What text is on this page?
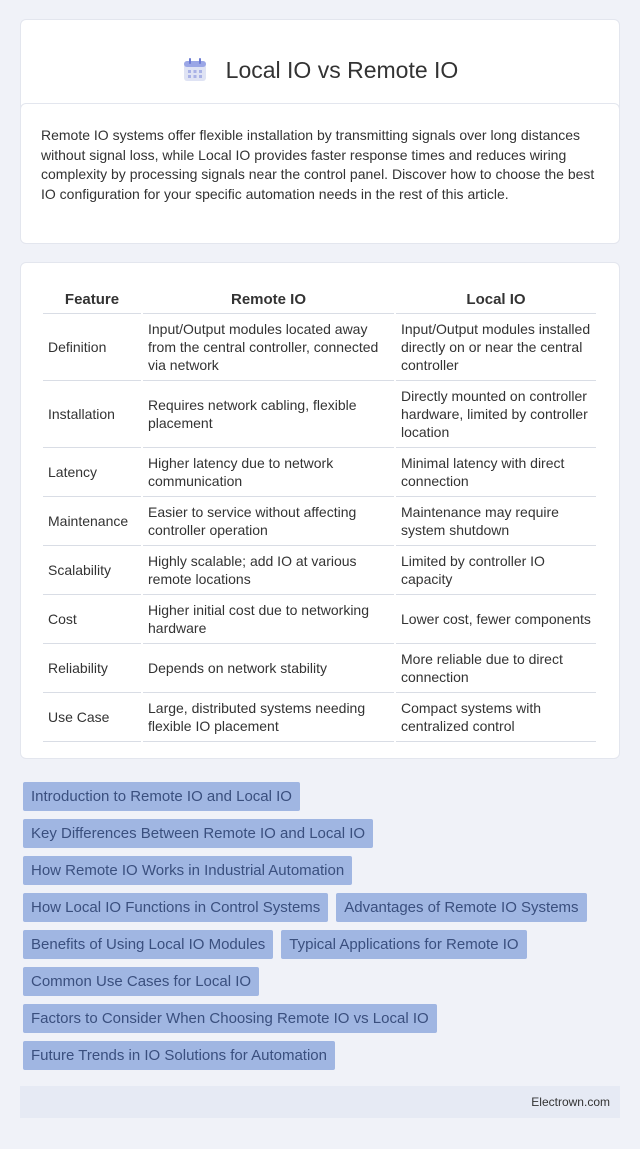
Local IO vs Remote IO

Remote IO systems offer flexible installation by transmitting signals over long distances without signal loss, while Local IO provides faster response times and reduces wiring complexity by processing signals near the control panel. Discover how to choose the best IO configuration for your specific automation needs in the rest of this article.

Feature	Remote IO	Local IO
Definition	Input/Output modules located away from the central controller, connected via network	Input/Output modules installed directly on or near the central controller
Installation	Requires network cabling, flexible placement	Directly mounted on controller hardware, limited by controller location
Latency	Higher latency due to network communication	Minimal latency with direct connection
Maintenance	Easier to service without affecting controller operation	Maintenance may require system shutdown
Scalability	Highly scalable; add IO at various remote locations	Limited by controller IO capacity
Cost	Higher initial cost due to networking hardware	Lower cost, fewer components
Reliability	Depends on network stability	More reliable due to direct connection
Use Case	Large, distributed systems needing flexible IO placement	Compact systems with centralized control
Introduction to Remote IO and Local IO
Key Differences Between Remote IO and Local IO
How Remote IO Works in Industrial Automation
How Local IO Functions in Control Systems	Advantages of Remote IO Systems
Benefits of Using Local IO Modules	Typical Applications for Remote IO
Common Use Cases for Local IO
Factors to Consider When Choosing Remote IO vs Local IO
Future Trends in IO Solutions for Automation
Electrown.com
